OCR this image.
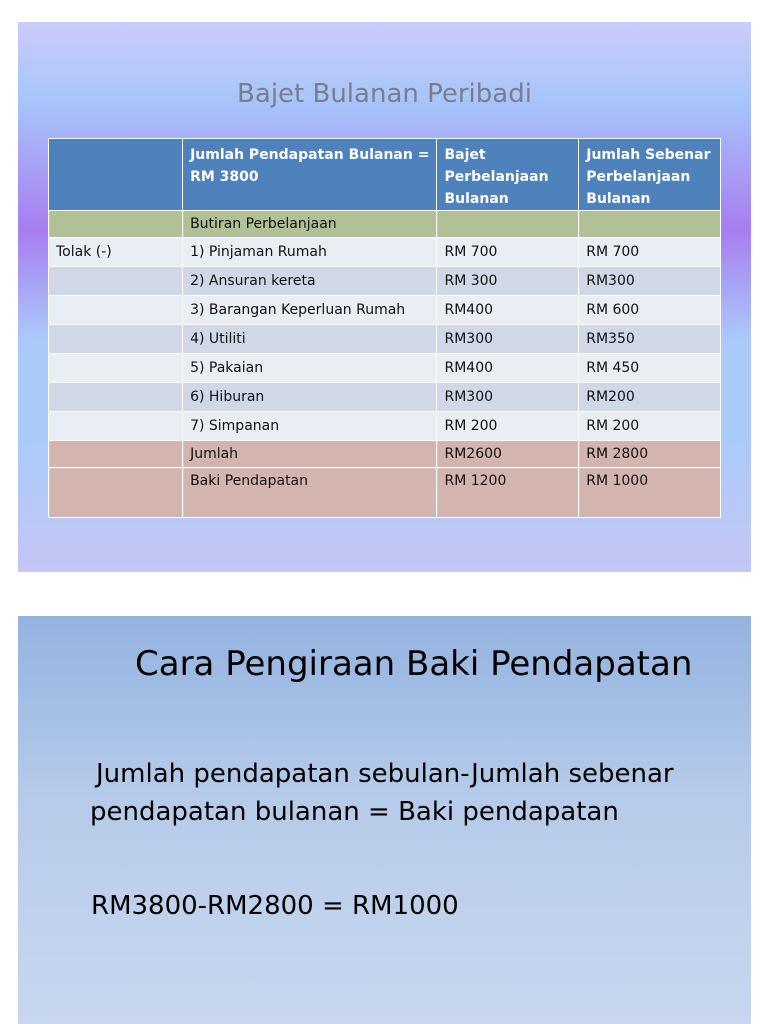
Bajet Bulanan Peribadi
	Jumlah Pendapatan Bulanan = RM 3800	Bajet Perbelanjaan Bulanan	Jumlah Sebenar Perbelanjaan Bulanan
	Butiran Perbelanjaan		
Tolak (-)	1) Pinjaman Rumah	RM 700	RM 700
	2) Ansuran kereta	RM 300	RM300
	3) Barangan Keperluan Rumah	RM400	RM 600
	4) Utiliti	RM300	RM350
	5) Pakaian	RM400	RM 450
	6) Hiburan	RM300	RM200
	7) Simpanan	RM 200	RM 200
	Jumlah	RM2600	RM 2800
	Baki Pendapatan	RM 1200	RM 1000
Cara Pengiraan Baki Pendapatan
Jumlah pendapatan sebulan-Jumlah sebenar
pendapatan bulanan = Baki pendapatan
RM3800-RM2800 = RM1000
